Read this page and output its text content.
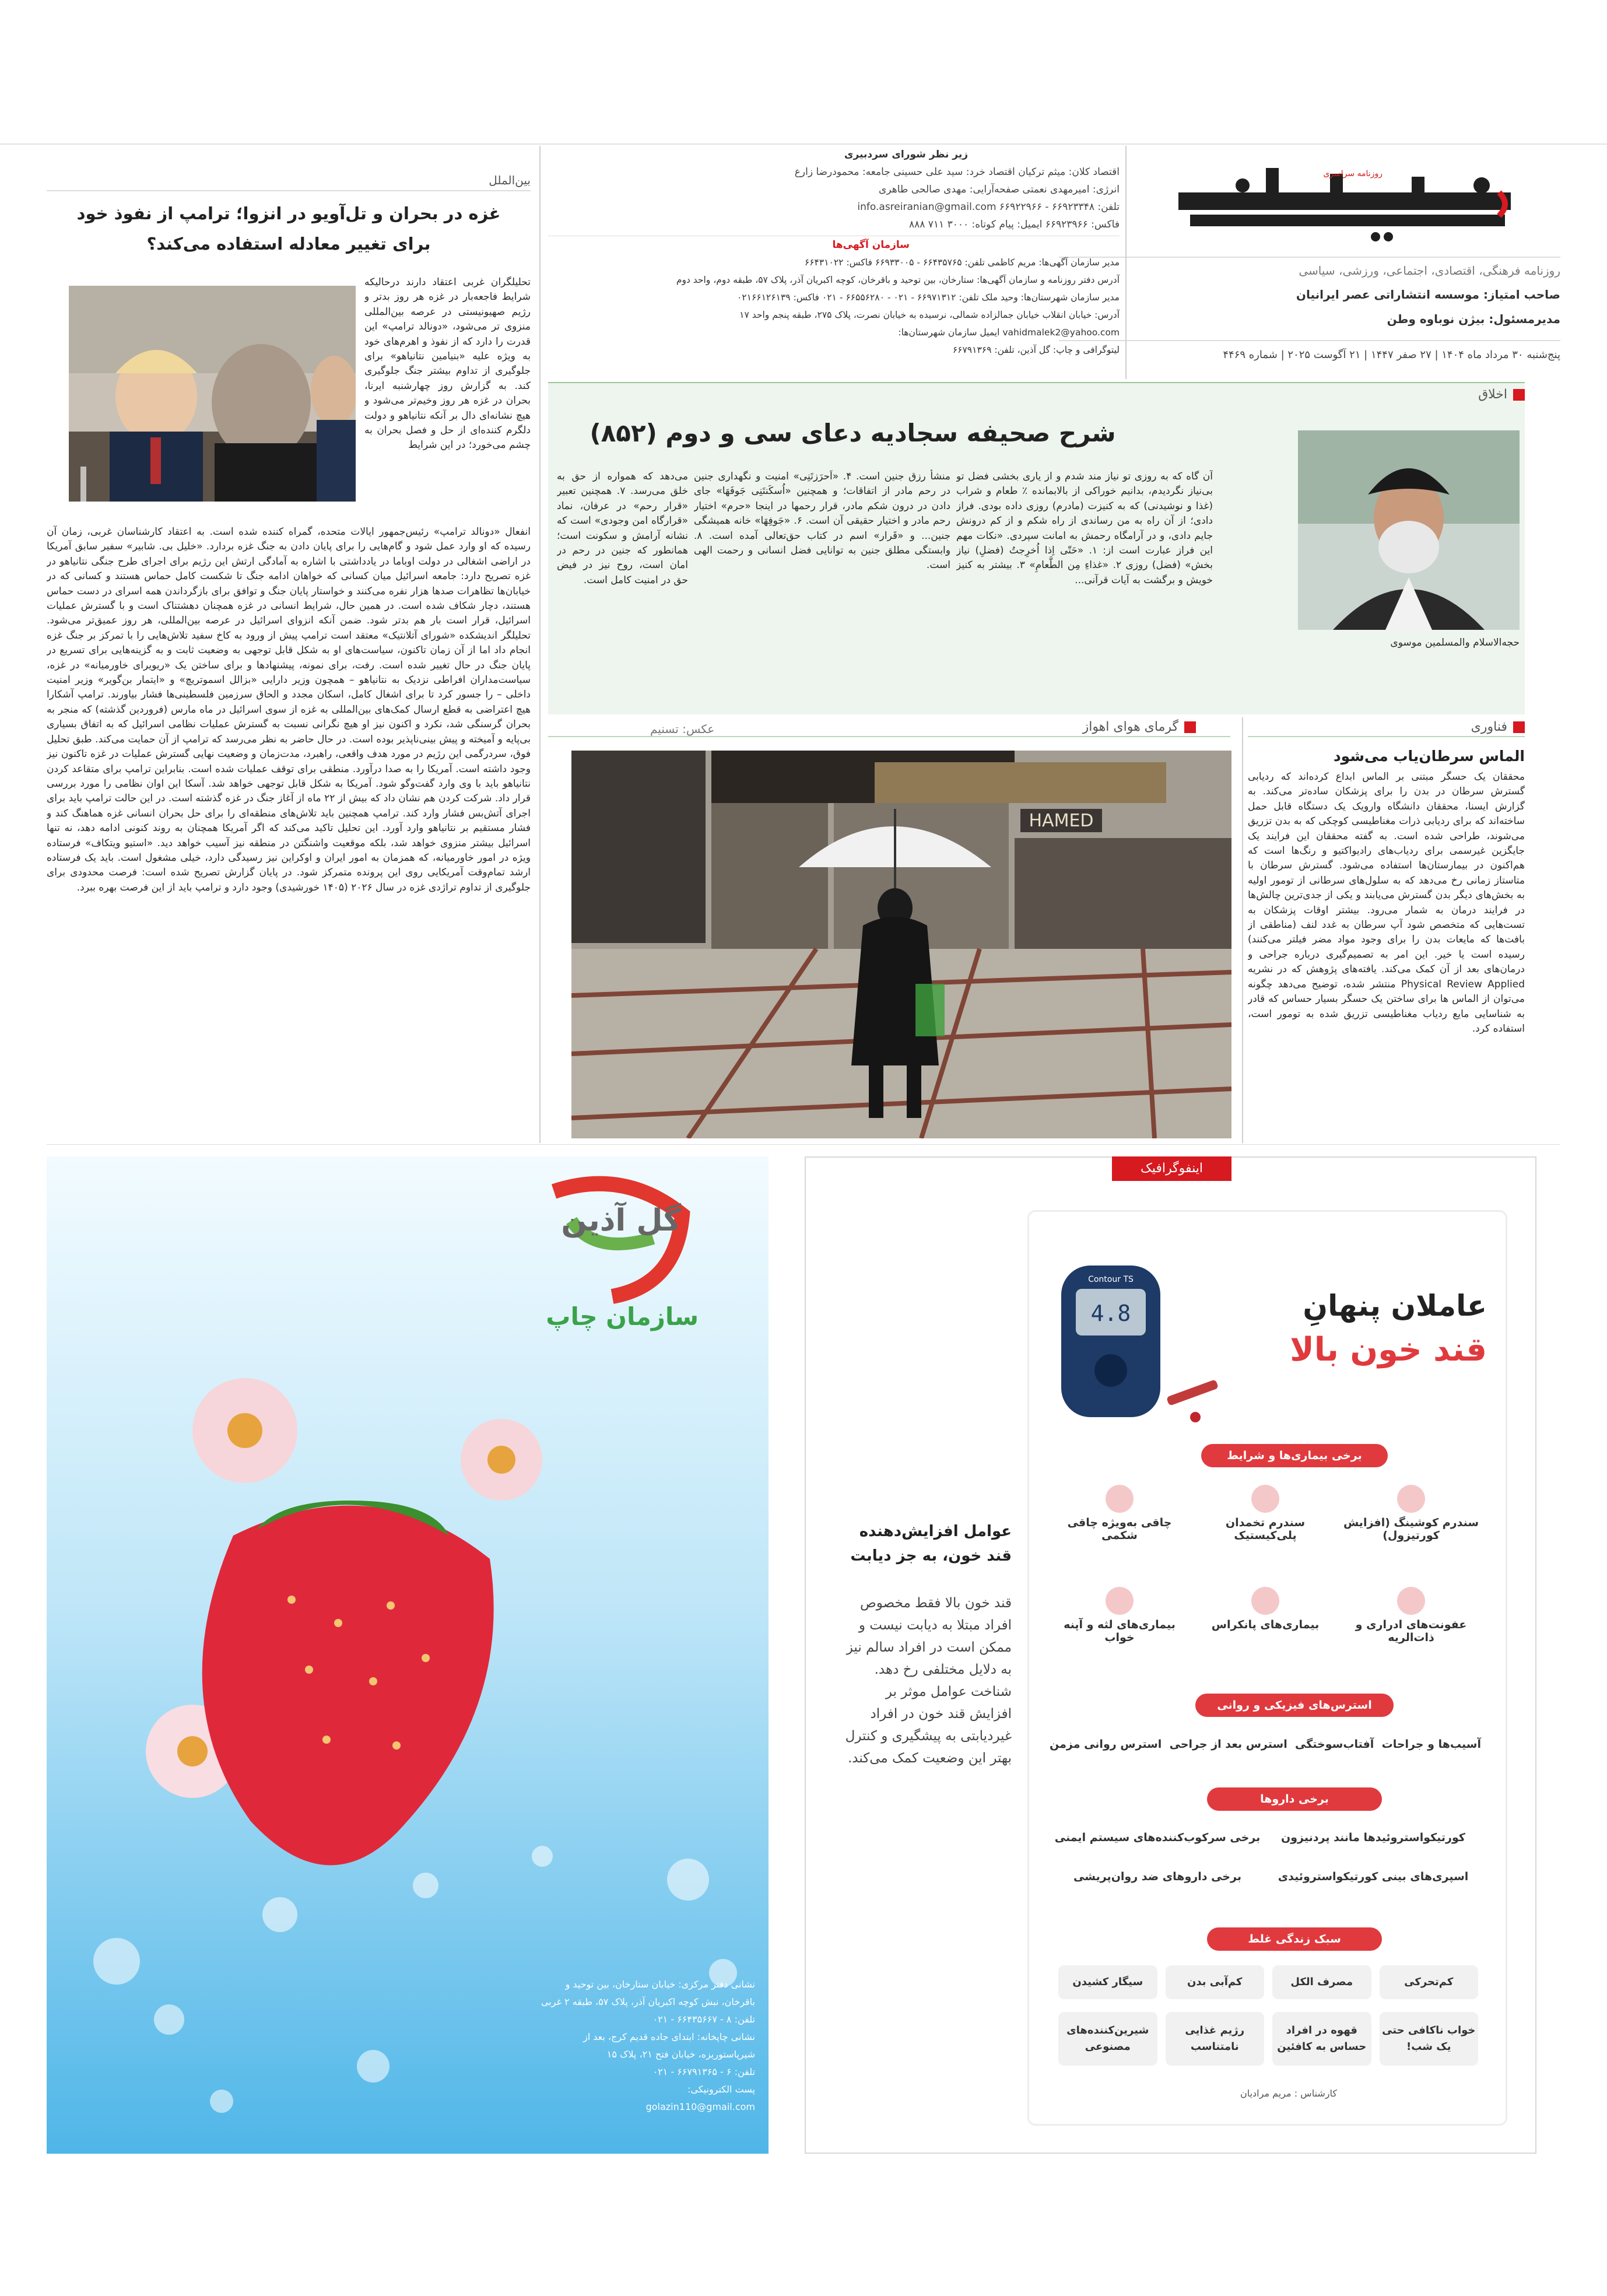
روزنامه سراسری
روزنامه فرهنگی، اقتصادی، اجتماعی، ورزشی، سیاسی
صاحب امتیاز: موسسه انتشاراتی عصر ایرانیان
مدیرمسئول: بیژن نوباوه وطن
پنج‌شنبه ۳۰ مرداد ماه ۱۴۰۴ | ۲۷ صفر ۱۴۴۷ | ۲۱ آگوست ۲۰۲۵ | شماره ۴۴۶۹
زیر نظر شورای سردبیری
اقتصاد کلان: میثم ترکیان اقتصاد خرد: سید علی حسینی جامعه: محمودرضا زارع
انرژی: امیرمهدی نعمتی صفحه‌آرایی: مهدی صالحی طاهری
تلفن: ۶۶۹۲۳۳۴۸ - ۶۶۹۲۲۹۶۶ info.asreiranian@gmail.com
فاکس: ۶۶۹۲۳۹۶۶ ایمیل: پیام کوتاه: ۳۰۰۰ ۷۱۱ ۸۸۸
سازمان آگهی‌ها
مدیر سازمان آگهی‌ها: مریم کاظمی تلفن: ۶۶۴۳۵۷۶۵ - ۶۶۹۳۳۰۰۵ فاکس: ۶۶۴۳۱۰۲۲
آدرس دفتر روزنامه و سازمان آگهی‌ها: ستارخان، بین توحید و باقرخان، کوچه اکبریان آذر، پلاک ۵۷، طبقه دوم، واحد دوم
مدیر سازمان شهرستان‌ها: وحید ملک تلفن: ۶۶۹۷۱۳۱۲ - ۰۲۱ - ۶۶۵۵۶۲۸۰ - ۰۲۱ فاکس: ۰۲۱۶۶۱۲۶۱۳۹
آدرس: خیابان انقلاب خیابان جمالزاده شمالی، نرسیده به خیابان نصرت، پلاک ۲۷۵، طبقه پنجم واحد ۱۷
vahidmalek2@yahoo.com ایمیل سازمان شهرستان‌ها:
لیتوگرافی و چاپ: گل آذین، تلفن: ۶۶۷۹۱۳۶۹
بین‌الملل
غزه در بحران و تل‌آویو در انزوا؛ ترامپ از نفوذ خود
برای تغییر معادله استفاده می‌کند؟
تحلیلگران غربی اعتقاد دارند درحالیکه شرایط فاجعه‌بار در غزه هر روز بدتر و رژیم صهیونیستی در عرصه بین‌المللی منزوی تر می‌شود، «دونالد ترامپ» این قدرت را دارد که از نفوذ و اهرم‌های خود به ویژه علیه «بنیامین نتانیاهو» برای جلوگیری از تداوم بیشتر جنگ جلوگیری کند. به گزارش روز چهارشنبه ایرنا، بحران در غزه هر روز وخیم‌تر می‌شود و هیچ نشانه‌ای دال بر آنکه نتانیاهو و دولت دلگرم کننده‌ای از حل و فصل بحران به چشم می‌خورد؛ در این شرایط
انفعال «دونالد ترامپ» رئیس‌جمهور ایالات متحده، گمراه کننده شده است. به اعتقاد کارشناسان غربی، زمان آن رسیده که او وارد عمل شود و گام‌هایی را برای پایان دادن به جنگ غزه بردارد. «خلیل بی. شابیر» سفیر سابق آمریکا در اراضی اشغالی در دولت اوباما در یادداشتی با اشاره به آمادگی ارتش این رژیم برای اجرای طرح جنگی نتانیاهو در غزه تصریح دارد: جامعه اسرائیل میان کسانی که خواهان ادامه جنگ تا شکست کامل حماس هستند و کسانی که در خیابان‌ها تظاهرات صدها هزار نفره می‌کنند و خواستار پایان جنگ و توافق برای بازگرداندن همه اسرای در دست حماس هستند، دچار شکاف شده است. در همین حال، شرایط انسانی در غزه همچنان دهشتناک است و با گسترش عملیات اسرائیل، قرار است بار هم بدتر شود. ضمن آنکه انزوای اسرائیل در عرصه بین‌المللی، هر روز عمیق‌تر می‌شود. تحلیلگر اندیشکده «شورای آتلانتیک» معتقد است ترامپ پیش از ورود به کاخ سفید تلاش‌هایی را با تمرکز بر جنگ غزه انجام داد اما از آن زمان تاکنون، سیاست‌های او به شکل قابل توجهی به وضعیت ثابت و به گزینه‌هایی برای تسریع در پایان جنگ در حال تغییر شده است. رفت، برای نمونه، پیشنهادها و برای ساختن یک «ریویرای خاورمیانه» در غزه، سیاست‌مداران افراطی نزدیک به نتانیاهو – همچون وزیر دارایی «بزالل اسموتریچ» و «ایتمار بن‌گویر» وزیر امنیت داخلی – را جسور کرد تا برای اشغال کامل، اسکان مجدد و الحاق سرزمین فلسطینی‌ها فشار بیاورند. ترامپ آشکارا هیچ اعتراضی به قطع ارسال کمک‌های بین‌المللی به غزه از سوی اسرائیل در ماه مارس (فروردین گذشته) که منجر به بحران گرسنگی شد، نکرد و اکنون نیز او هیچ نگرانی نسبت به گسترش عملیات نظامی اسرائیل که به اتفاق بسیاری بی‌پایه و آمیخته و پیش بینی‌ناپذیر بوده است. در حال حاضر به نظر می‌رسد که ترامپ از آن حمایت می‌کند. طبق تحلیل فوق، سردرگمی این رژیم در مورد هدف واقعی، راهبرد، مدت‌زمان و وضعیت نهایی گسترش عملیات در غزه تاکنون نیز وجود داشته است. آمریکا را به صدا درآورد. منطقی برای توقف عملیات شده است. بنابراین ترامپ برای متقاعد کردن نتانیاهو باید با وی وارد گفت‌وگو شود. آمریکا به شکل قابل توجهی خواهد شد. آسکا این اوان نظامی را مورد بررسی قرار داد. شرکت کردن هم نشان داد که بیش از ۲۲ ماه از آغاز جنگ در غزه گذشته است. در این حالت ترامپ باید برای اجرای آتش‌بس فشار وارد کند. ترامپ همچنین باید تلاش‌های منطقه‌ای را برای حل بحران انسانی غزه هماهنگ کند و فشار مستقیم بر نتانیاهو وارد آورد. این تحلیل تاکید می‌کند که اگر آمریکا همچنان به روند کنونی ادامه دهد، نه تنها اسرائیل بیشتر منزوی خواهد شد، بلکه موقعیت واشنگتن در منطقه نیز آسیب خواهد دید. «استیو ویتکاف» فرستاده ویژه در امور خاورمیانه، که همزمان به امور ایران و اوکراین نیز رسیدگی دارد، خیلی مشغول است. باید یک فرستاده ارشد تمام‌وقت آمریکایی روی این پرونده متمرکز شود. در پایان گزارش تصریح شده است: فرصت محدودی برای جلوگیری از تداوم تراژدی غزه در سال ۲۰۲۶ (۱۴۰۵ خورشیدی) وجود دارد و ترامپ باید از این فرصت بهره ببرد.
اخلاق
شرح صحیفه سجادیه دعای سی و دوم (۸۵۲)
حجه‌الاسلام والمسلمین موسوی
آن گاه که به روزی تو نیاز مند شدم و از یاری بخشی فضل تو بی‌نیاز نگردیدم، بدانیم خوراکی از بالا‌بمانده ٪ طعام و شراب (غذا و نوشیدنی) که به کنیزت (مادرم) روزی داده بودی. فراز دادی؛ از آن راه به من رساندی از راه شکم و از کم درونش جایم دادی، و در آرامگاه رحمش به امانت سپردی. «نکات مهم این فراز عبارت است از: ۱. «حَتّی اِذا اُخرِجتُ (فضلِ) نیاز بخش» (فضل) روزی ۲. «غذاءِ مِن الطَّعامِ» ۳. بیشتر به کنیز خویش و برگشت به آیات قرآنی...
منشأ رزق جنین است. ۴. «اَحرَزتَنِی» امنیت و نگهداری جنین در رحم مادر از اتفاقات؛ و همچنین «اُسکَنتَنِی جَوفَهَا» جای دادن در درون شکم مادر، قرار رحمها در اینجا «حرم» اختیار رحم مادر و اختیار حقیقی آن است. ۶. «جَوفِهَا» خانه همیشگی جنین... و «قَرار» اسم در کتاب حق‌تعالی آمده است. ۸. وابستگی مطلق جنین به توانایی فضل انسانی و رحمت الهی است.
می‌دهد که همواره از حق به خلق می‌رسد. ۷. همچنین تعبیر «قرار رحم» در عرفان، نماد «قرارگاه امن وجودی» است که نشانه آرامش و سکونت است؛ همانطور که جنین در رحم در امان است، روح نیز در فیض حق در امنیت کامل است.
گرمای هوای اهواز
عکس: تسنیم
HAMED
فناوری
الماس سرطان‌یاب می‌شود
محققان یک حسگر مبتنی بر الماس ابداع کرده‌اند که ردیابی گسترش سرطان در بدن را برای پزشکان ساده‌تر می‌کند. به گزارش ایسنا، محققان دانشگاه وارویک یک دستگاه قابل حمل ساخته‌اند که برای ردیابی ذرات مغناطیسی کوچکی که به بدن تزریق می‌شوند، طراحی شده است. به گفته محققان این فرایند یک جایگزین غیرسمی برای ردیاب‌های رادیواکتیو و رنگ‌ها است که هم‌اکنون در بیمارستان‌ها استفاده می‌شود. گسترش سرطان با متاستاز زمانی رخ می‌دهد که به سلول‌های سرطانی از تومور اولیه به بخش‌های دیگر بدن گسترش می‌یابند و یکی از جدی‌ترین چالش‌ها در فرایند درمان به شمار می‌رود. بیشتر اوقات پزشکان به تست‌هایی که متخصص شود آپ سرطان به غدد لنف (مناطقی از بافت‌ها که مایعات بدن را برای وجود مواد مضر فیلتر می‌کنند) رسیده است یا خیر. این امر به تصمیم‌گیری درباره جراحی و درمان‌های بعد از آن کمک می‌کند. یافته‌های پژوهش که در نشریه Physical Review Applied منتشر شده، توضیح می‌دهد چگونه می‌توان از الماس ها برای ساختن یک حسگر بسیار حساس که قادر به شناسایی مایع ردیاب مغناطیسی تزریق شده به تومور است، استفاده کرد.
گل آذین
سازمان چاپ
نشانی دفتر مرکزی: خیابان ستارخان، بین توحید و
باقرخان، نبش کوچه اکبریان آذر، پلاک ۵۷، طبقه ۲ غربی
تلفن: ۸ - ۶۶۴۳۵۶۶۷ - ۰۲۱
نشانی چاپخانه: ابتدای جاده قدیم کرج، بعد از
شیرپاستوریزه، خیابان فتح ۲۱، پلاک ۱۵
تلفن: ۶ - ۶۶۷۹۱۳۶۵ - ۰۲۱
پست الکترونیکی:
golazin110@gmail.com
اینفوگرافیک
عوامل افزایش‌دهنده
قند خون، به جز دیابت
قند خون بالا فقط مخصوص افراد مبتلا به دیابت نیست و ممکن است در افراد سالم نیز به دلایل مختلفی رخ دهد. شناخت عوامل موثر بر افزایش قند خون در افراد غیردیابتی به پیشگیری و کنترل بهتر این وضعیت کمک می‌کند.
4.8
Contour TS
عاملان پنهانِ
قند خون بالا
برخی بیماری‌ها و شرایط
سندرم کوشینگ (افزایش کورتیزول)
سندرم تخمدان پلی‌کیستیک
چاقی به‌ویژه چاقی شکمی
عفونت‌های ادراری و ذات‌الریه
بیماری‌های پانکراس
بیماری‌های لثه و آپنه خواب
استرس‌های فیزیکی و روانی
آسیب‌ها و جراحات
آفتاب‌سوختگی
استرس بعد از جراحی
استرس روانی مزمن
برخی داروها
کورتیکواستروئیدها مانند پردنیزون
برخی سرکوب‌کننده‌های سیستم ایمنی
اسپری‌های بینی کورتیکواستروئیدی
برخی داروهای ضد روان‌پریشی
سبک زندگی غلط
کم‌تحرکی
مصرف الکل
کم‌آبی بدن
سیگار کشیدن
خواب ناکافی حتی یک شب!
قهوه در افراد حساس به کافئین
رژیم غذایی نامتناسب
شیرین‌کننده‌های مصنوعی
کارشناس : مریم مرادیان
